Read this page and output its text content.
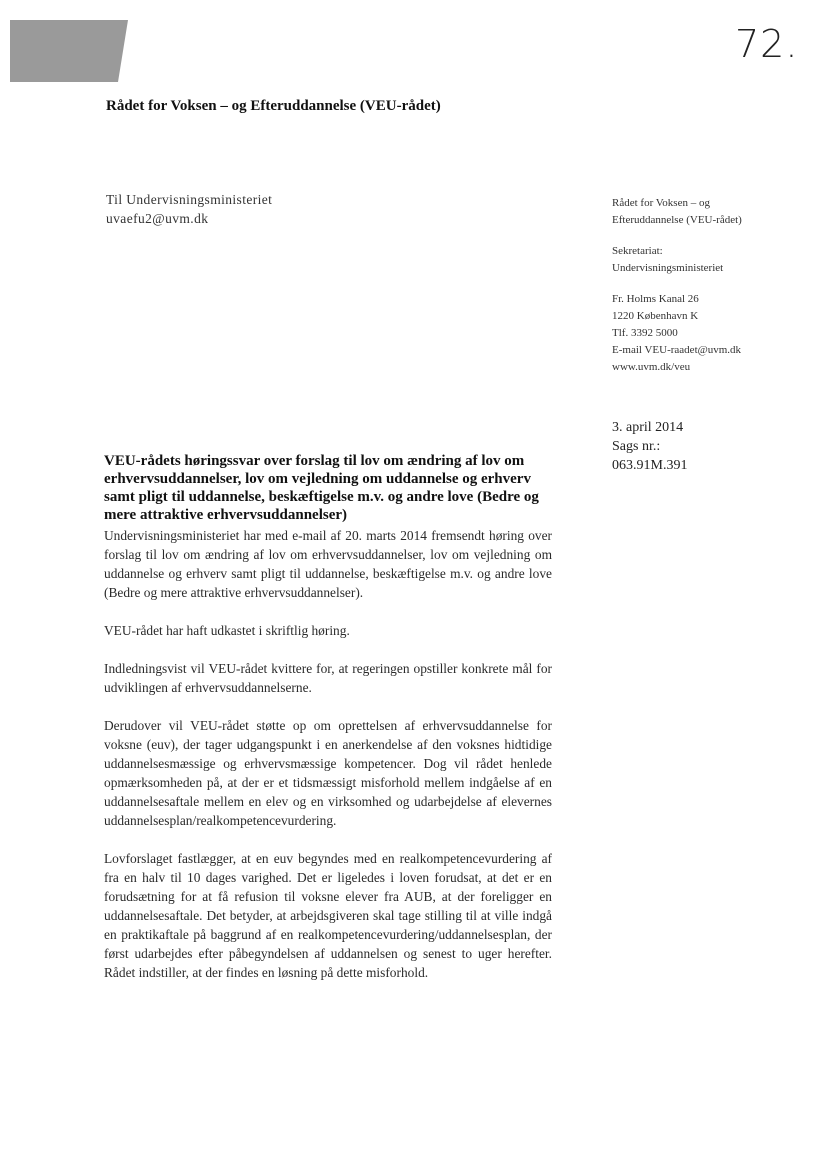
72.
Rådet for Voksen – og Efteruddannelse (VEU-rådet)
Til Undervisningsministeriet
uvaefu2@uvm.dk
Rådet for Voksen – og
Efteruddannelse (VEU-rådet)
Sekretariat:
Undervisningsministeriet
Fr. Holms Kanal 26
1220 København K
Tlf. 3392 5000
E-mail VEU-raadet@uvm.dk
www.uvm.dk/veu
3. april 2014
Sags nr.:
063.91M.391
VEU-rådets høringssvar over forslag til lov om ændring af lov om erhvervsuddannelser, lov om vejledning om uddannelse og erhverv samt pligt til uddannelse, beskæftigelse m.v. og andre love (Bedre og mere attraktive erhvervsuddannelser)

Undervisningsministeriet har med e-mail af 20. marts 2014 fremsendt høring over forslag til lov om ændring af lov om erhvervsuddannelser, lov om vejledning om uddannelse og erhverv samt pligt til uddannelse, beskæftigelse m.v. og andre love (Bedre og mere attraktive erhvervsuddannelser).

VEU-rådet har haft udkastet i skriftlig høring.

Indledningsvist vil VEU-rådet kvittere for, at regeringen opstiller konkrete mål for udviklingen af erhvervsuddannelserne.

Derudover vil VEU-rådet støtte op om oprettelsen af erhvervsuddannelse for voksne (euv), der tager udgangspunkt i en anerkendelse af den voksnes hidtidige uddannelsesmæssige og erhvervsmæssige kompetencer. Dog vil rådet henlede opmærksomheden på, at der er et tidsmæssigt misforhold mellem indgåelse af en uddannelsesaftale mellem en elev og en virksomhed og udarbejdelse af elevernes uddannelsesplan/realkompetencevurdering.

Lovforslaget fastlægger, at en euv begyndes med en realkompetencevurdering af fra en halv til 10 dages varighed. Det er ligeledes i loven forudsat, at det er en forudsætning for at få refusion til voksne elever fra AUB, at der foreligger en uddannelsesaftale. Det betyder, at arbejdsgiveren skal tage stilling til at ville indgå en praktikaftale på baggrund af en realkompetencevurdering/uddannelsesplan, der først udarbejdes efter påbegyndelsen af uddannelsen og senest to uger herefter. Rådet indstiller, at der findes en løsning på dette misforhold.
